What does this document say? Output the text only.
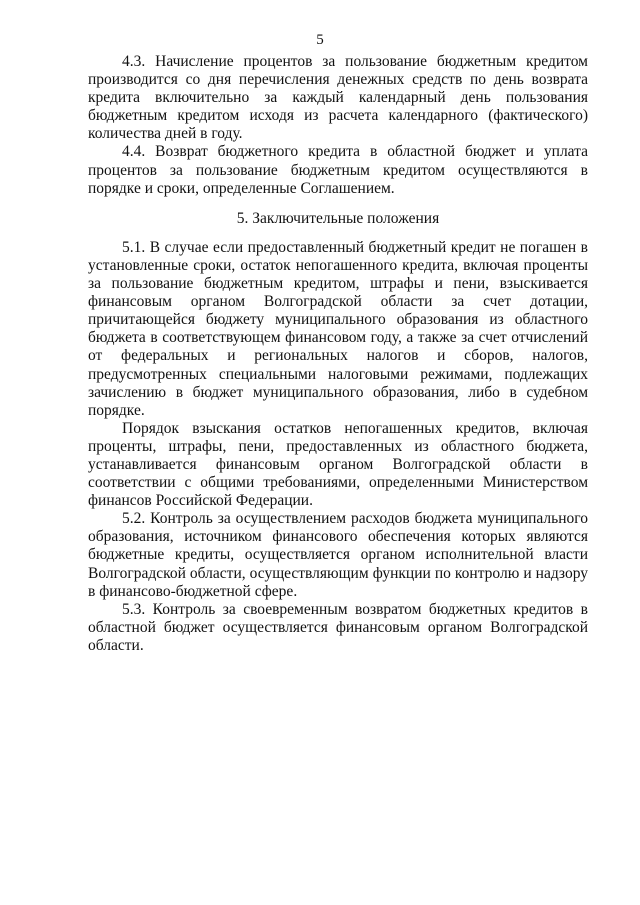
5

4.3. Начисление процентов за пользование бюджетным кредитом производится со дня перечисления денежных средств по день возврата кредита включительно за каждый календарный день пользования бюджетным кредитом исходя из расчета календарного (фактического) количества дней в году.

4.4. Возврат бюджетного кредита в областной бюджет и уплата процентов за пользование бюджетным кредитом осуществляются в порядке и сроки, определенные Соглашением.

5. Заключительные положения

5.1. В случае если предоставленный бюджетный кредит не погашен в установленные сроки, остаток непогашенного кредита, включая проценты за пользование бюджетным кредитом, штрафы и пени, взыскивается финансовым органом Волгоградской области за счет дотации, причитающейся бюджету муниципального образования из областного бюджета в соответствующем финансовом году, а также за счет отчислений от федеральных и региональных налогов и сборов, налогов, предусмотренных специальными налоговыми режимами, подлежащих зачислению в бюджет муниципального образования, либо в судебном порядке.

Порядок взыскания остатков непогашенных кредитов, включая проценты, штрафы, пени, предоставленных из областного бюджета, устанавливается финансовым органом Волгоградской области в соответствии с общими требованиями, определенными Министерством финансов Российской Федерации.

5.2. Контроль за осуществлением расходов бюджета муниципального образования, источником финансового обеспечения которых являются бюджетные кредиты, осуществляется органом исполнительной власти Волгоградской области, осуществляющим функции по контролю и надзору в финансово-бюджетной сфере.

5.3. Контроль за своевременным возвратом бюджетных кредитов в областной бюджет осуществляется финансовым органом Волгоградской области.
